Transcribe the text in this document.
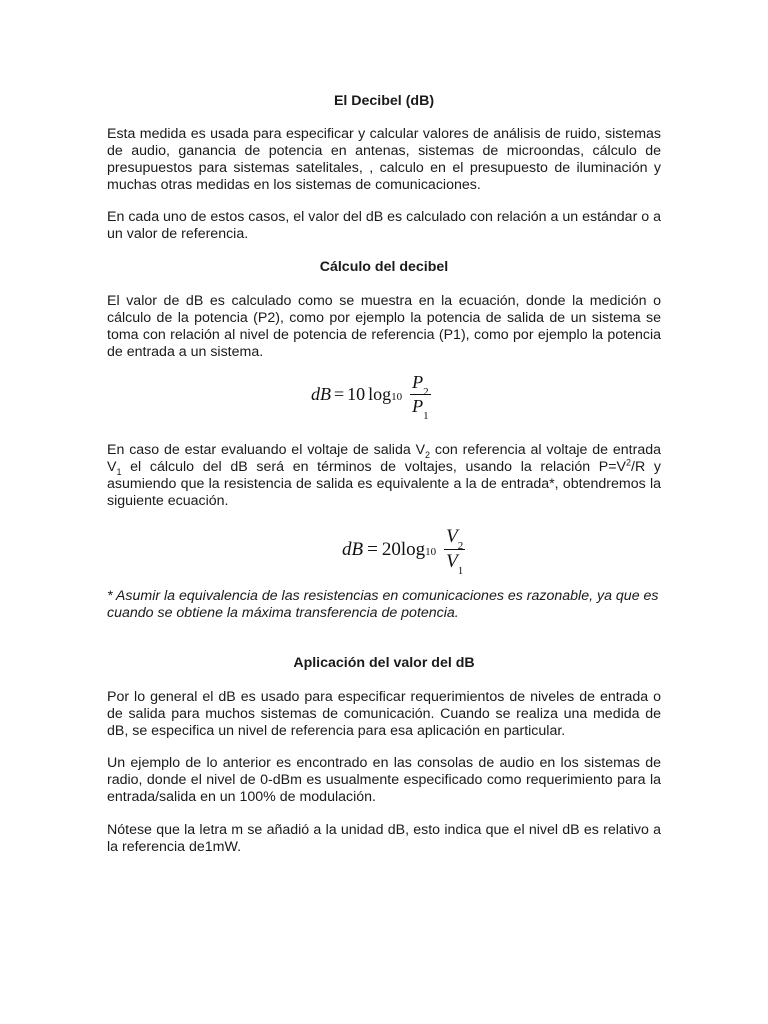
El Decibel (dB)

Esta medida es usada para especificar y calcular valores de análisis de ruido, sistemas de audio, ganancia de potencia en antenas, sistemas de microondas, cálculo de presupuestos para sistemas satelitales, , calculo en el presupuesto de iluminación y muchas otras medidas en los sistemas de comunicaciones.

En cada uno de estos casos, el valor del dB es calculado con relación a un estándar o a un valor de referencia.

Cálculo del decibel

El valor de dB es calculado como se muestra en la ecuación, donde la medición o cálculo de la potencia (P2), como por ejemplo la potencia de salida de un sistema se toma con relación al nivel de potencia de referencia (P1), como por ejemplo la potencia de entrada a un sistema.

dB = 10 $\log_{10} \frac{P_2}{P_1}$

En caso de estar evaluando el voltaje de salida $V_2$ con referencia al voltaje de entrada $V_1$ el cálculo del dB será en términos de voltajes, usando la relación $P=V^2/R$ y asumiendo que la resistencia de salida es equivalente a la de entrada*, obtendremos la siguiente ecuación.

dB = 20 $\log_{10} \frac{V_2}{V_1}$

* Asumir la equivalencia de las resistencias en comunicaciones es razonable, ya que es cuando se obtiene la máxima transferencia de potencia.

Aplicación del valor del dB

Por lo general el dB es usado para especificar requerimientos de niveles de entrada o de salida para muchos sistemas de comunicación. Cuando se realiza una medida de dB, se especifica un nivel de referencia para esa aplicación en particular.

Un ejemplo de lo anterior es encontrado en las consolas de audio en los sistemas de radio, donde el nivel de 0-dBm es usualmente especificado como requerimiento para la entrada/salida en un 100% de modulación.

Nótese que la letra m se añadió a la unidad dB, esto indica que el nivel dB es relativo a la referencia de1mW.
